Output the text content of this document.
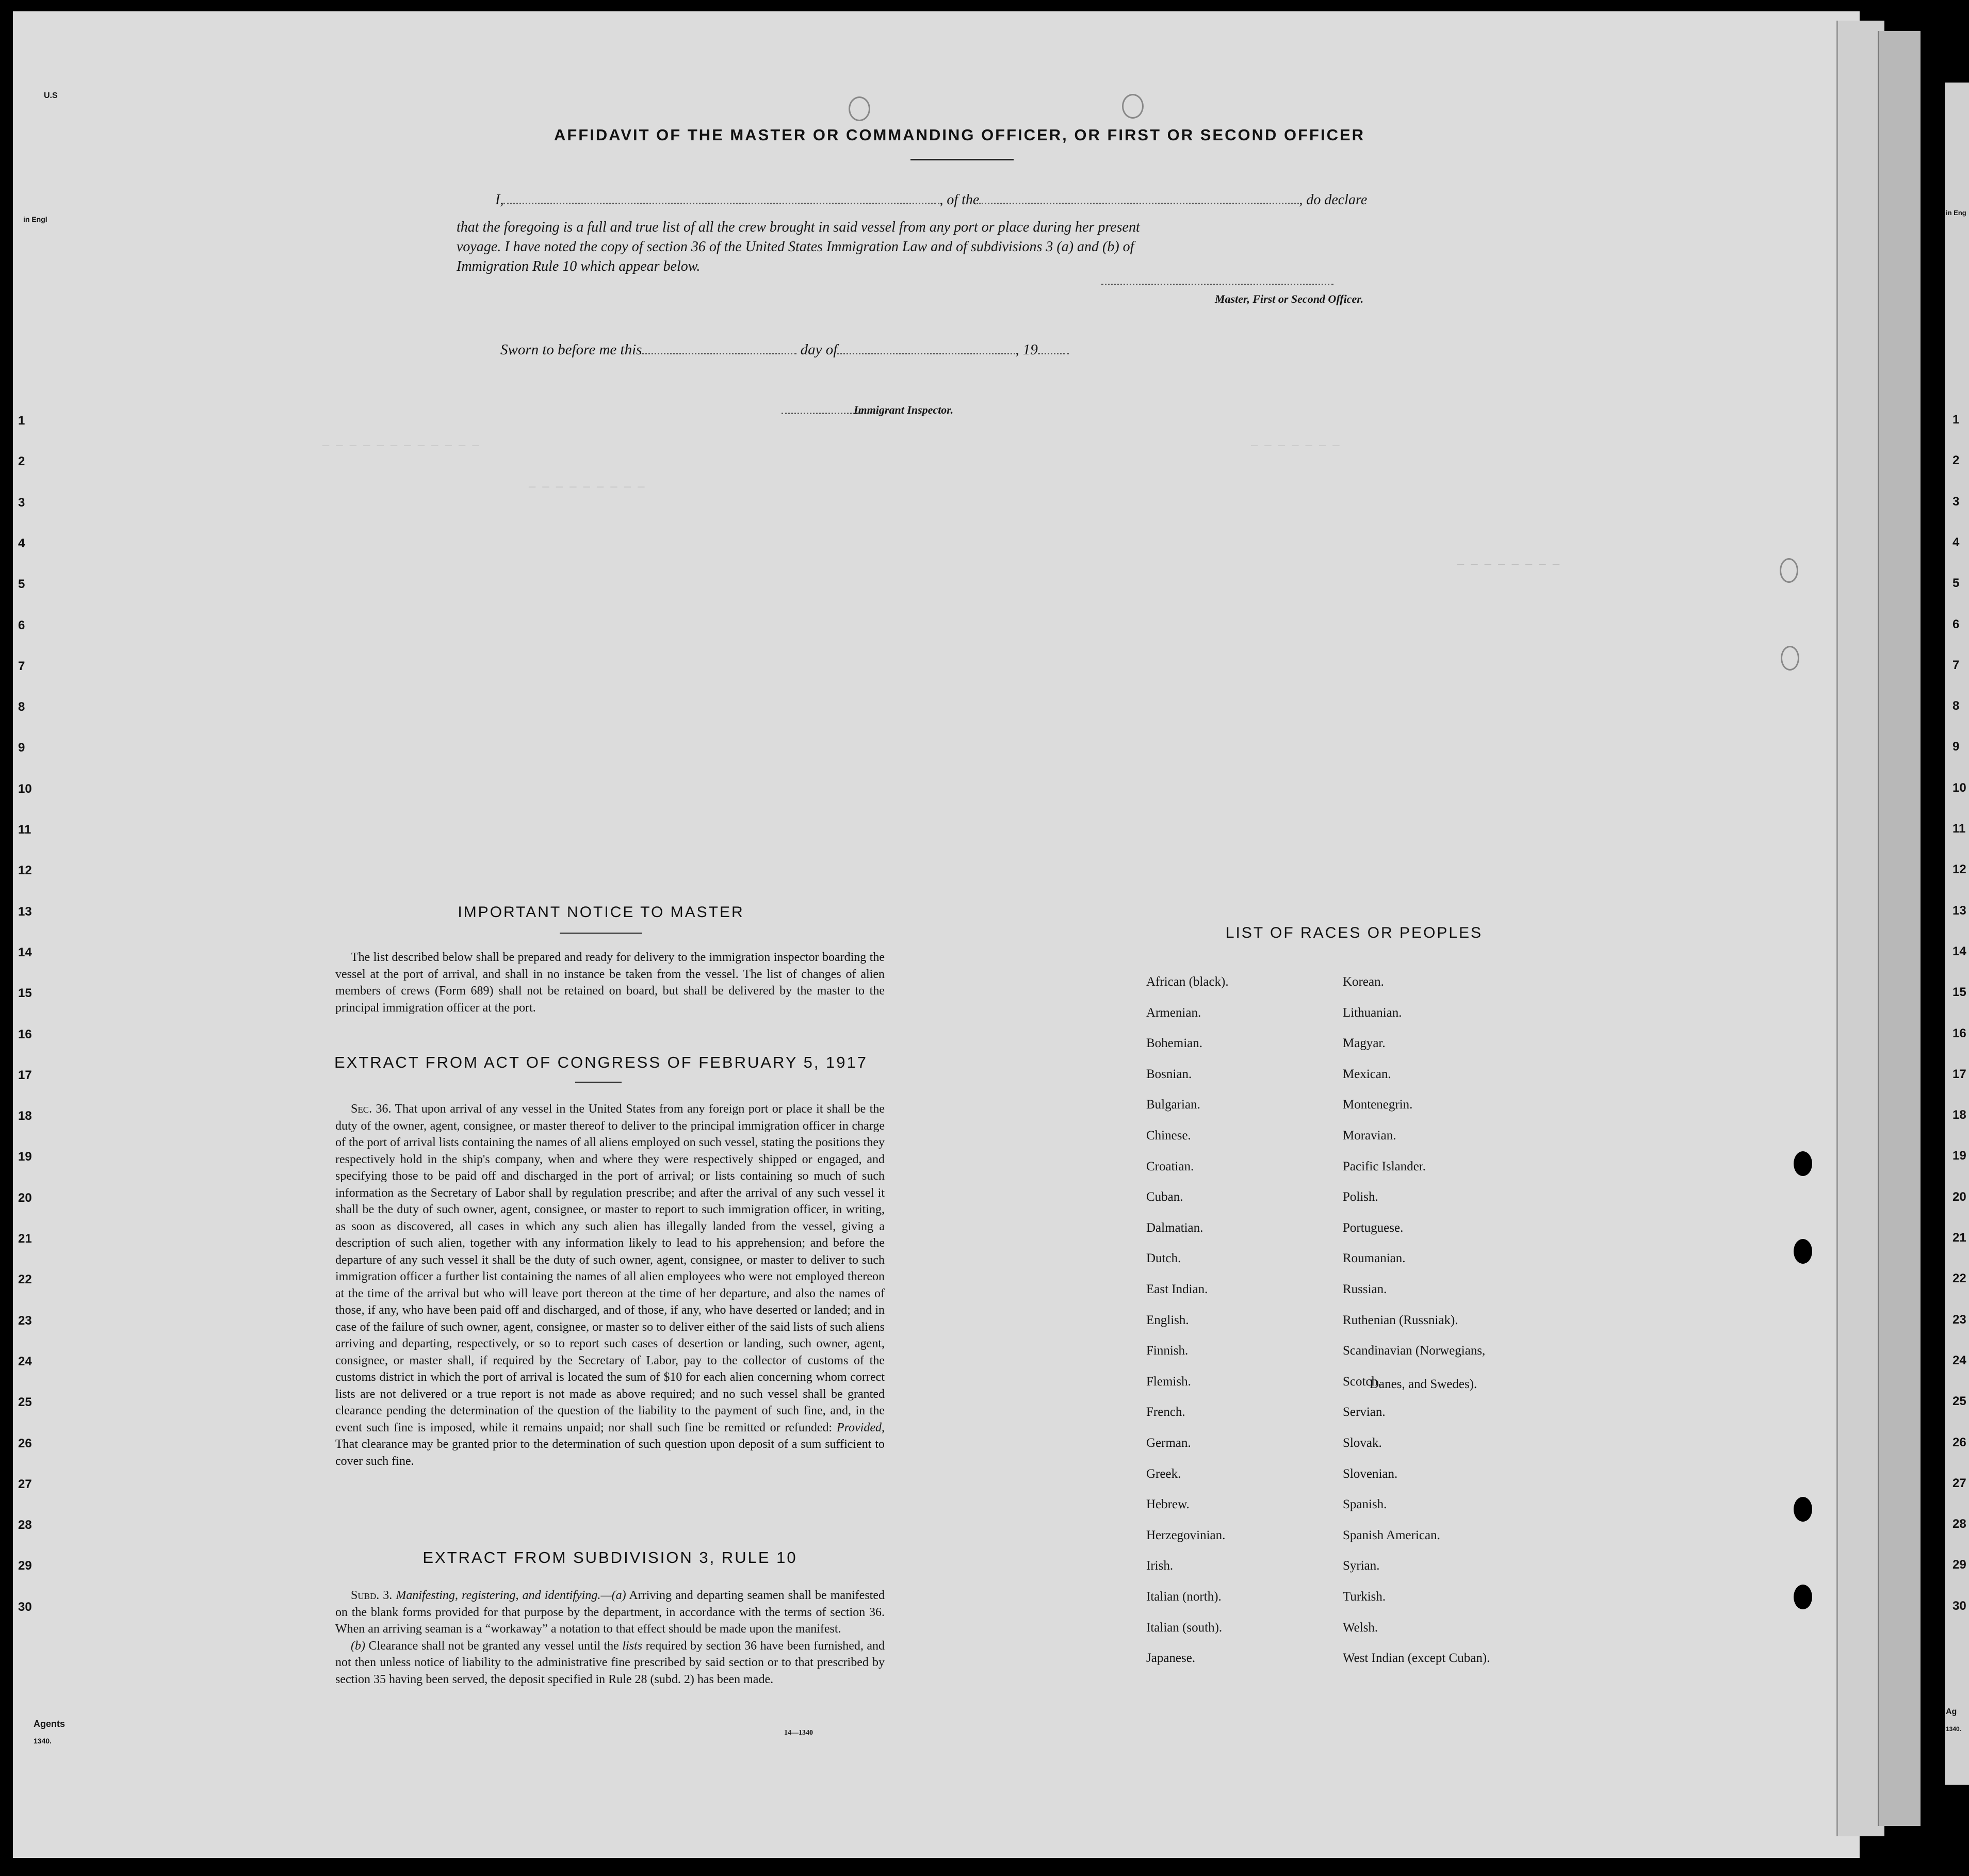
— — — — — — — — — — — —
— — — — — — — — —
— — — — — — —
— — — — — — — —
U.S
in Engl
Agents
1340.
1
2
3
4
5
6
7
8
9
10
11
12
13
14
15
16
17
18
19
20
21
22
23
24
25
26
27
28
29
30
AFFIDAVIT OF THE MASTER OR COMMANDING OFFICER, OR FIRST OR SECOND OFFICER
I,	, of the	, do declare
that the foregoing is a full and true list of all the crew brought in said vessel from any port or place during her present
voyage. I have noted the copy of section 36 of the United States Immigration Law and of subdivisions 3 (a) and (b) of
Immigration Rule 10 which appear below.
Master, First or Second Officer.
Sworn to before me this	day of	, 19
Immigrant Inspector.
IMPORTANT NOTICE TO MASTER
The list described below shall be prepared and ready for delivery to the immigration inspector boarding the vessel at the port of arrival, and shall in no instance be taken from the vessel. The list of changes of alien members of crews (Form 689) shall not be retained on board, but shall be delivered by the master to the principal immigration officer at the port.
EXTRACT FROM ACT OF CONGRESS OF FEBRUARY 5, 1917
Sec. 36. That upon arrival of any vessel in the United States from any foreign port or place it shall be the duty of the owner, agent, consignee, or master thereof to deliver to the principal immigration officer in charge of the port of arrival lists containing the names of all aliens employed on such vessel, stating the positions they respectively hold in the ship's company, when and where they were respectively shipped or engaged, and specifying those to be paid off and discharged in the port of arrival; or lists containing so much of such information as the Secretary of Labor shall by regulation prescribe; and after the arrival of any such vessel it shall be the duty of such owner, agent, consignee, or master to report to such immigration officer, in writing, as soon as discovered, all cases in which any such alien has illegally landed from the vessel, giving a description of such alien, together with any information likely to lead to his apprehension; and before the departure of any such vessel it shall be the duty of such owner, agent, consignee, or master to deliver to such immigration officer a further list containing the names of all alien employees who were not employed thereon at the time of the arrival but who will leave port thereon at the time of her departure, and also the names of those, if any, who have been paid off and discharged, and of those, if any, who have deserted or landed; and in case of the failure of such owner, agent, consignee, or master so to deliver either of the said lists of such aliens arriving and departing, respectively, or so to report such cases of desertion or landing, such owner, agent, consignee, or master shall, if required by the Secretary of Labor, pay to the collector of customs of the customs district in which the port of arrival is located the sum of $10 for each alien concerning whom correct lists are not delivered or a true report is not made as above required; and no such vessel shall be granted clearance pending the determination of the question of the liability to the payment of such fine, and, in the event such fine is imposed, while it remains unpaid; nor shall such fine be remitted or refunded: Provided, That clearance may be granted prior to the determination of such question upon deposit of a sum sufficient to cover such fine.
EXTRACT FROM SUBDIVISION 3, RULE 10
Subd. 3. Manifesting, registering, and identifying.—(a) Arriving and departing seamen shall be manifested on the blank forms provided for that purpose by the department, in accordance with the terms of section 36. When an arriving seaman is a “workaway” a notation to that effect should be made upon the manifest.
(b) Clearance shall not be granted any vessel until the lists required by section 36 have been furnished, and not then unless notice of liability to the administrative fine prescribed by said section or to that prescribed by section 35 having been served, the deposit specified in Rule 28 (subd. 2) has been made.
14—1340
LIST OF RACES OR PEOPLES
African (black).
Armenian.
Bohemian.
Bosnian.
Bulgarian.
Chinese.
Croatian.
Cuban.
Dalmatian.
Dutch.
East Indian.
English.
Finnish.
Flemish.
French.
German.
Greek.
Hebrew.
Herzegovinian.
Irish.
Italian (north).
Italian (south).
Japanese.
Korean.
Lithuanian.
Magyar.
Mexican.
Montenegrin.
Moravian.
Pacific Islander.
Polish.
Portuguese.
Roumanian.
Russian.
Ruthenian (Russniak).
Scandinavian (Norwegians,
Scotch.
Servian.
Slovak.
Slovenian.
Spanish.
Spanish American.
Syrian.
Turkish.
Welsh.
West Indian (except Cuban).
Danes, and Swedes).
in Eng
Ag
1340.
1
2
3
4
5
6
7
8
9
10
11
12
13
14
15
16
17
18
19
20
21
22
23
24
25
26
27
28
29
30
